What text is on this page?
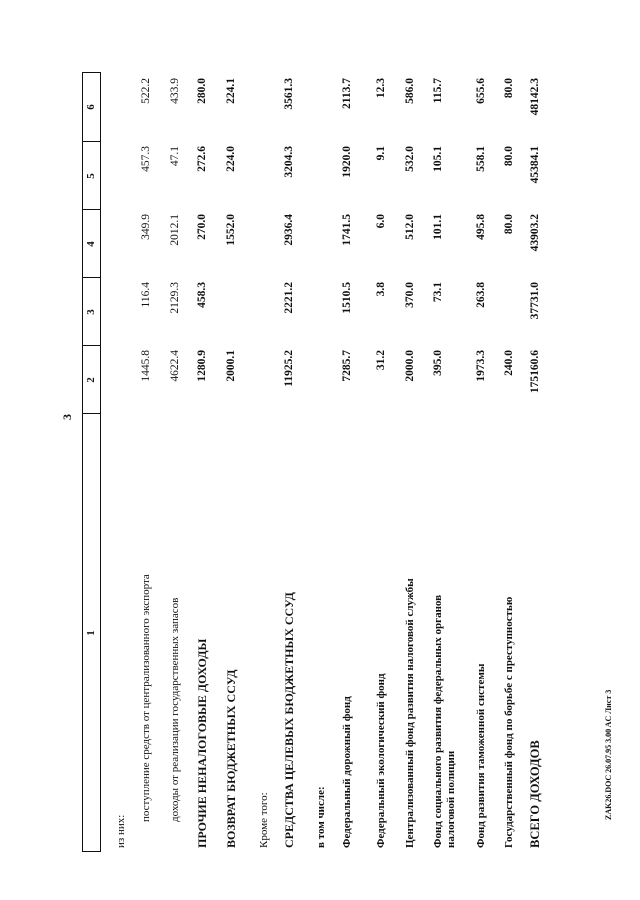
3
1
2
3
4
5
6
из них:
поступление средств от централизованного экспорта
1445.8
116.4
349.9
457.3
522.2
доходы от реализации государственных запасов
4622.4
2129.3
2012.1
47.1
433.9
ПРОЧИЕ НЕНАЛОГОВЫЕ ДОХОДЫ
1280.9
458.3
270.0
272.6
280.0
ВОЗВРАТ БЮДЖЕТНЫХ ССУД
2000.1
1552.0
224.0
224.1
Кроме того: СРЕДСТВА ЦЕЛЕВЫХ БЮДЖЕТНЫХ ССУД
11925.2
2221.2
2936.4
3204.3
3561.3
в том числе: Федеральный дорожный фонд
7285.7
1510.5
1741.5
1920.0
2113.7
Федеральный экологический фонд
31.2
3.8
6.0
9.1
12.3
Централизованный фонд развития налоговой службы
2000.0
370.0
512.0
532.0
586.0
Фонд социального развития федеральных органов налоговой полиции
395.0
73.1
101.1
105.1
115.7
Фонд развития таможенной системы
1973.3
263.8
495.8
558.1
655.6
Государственный фонд по борьбе с преступностью
240.0
80.0
80.0
80.0
ВСЕГО ДОХОДОВ
175160.6
37731.0
43903.2
45384.1
48142.3
ZAK26.DOC 26.07.95 3.00 AC Лист 3
